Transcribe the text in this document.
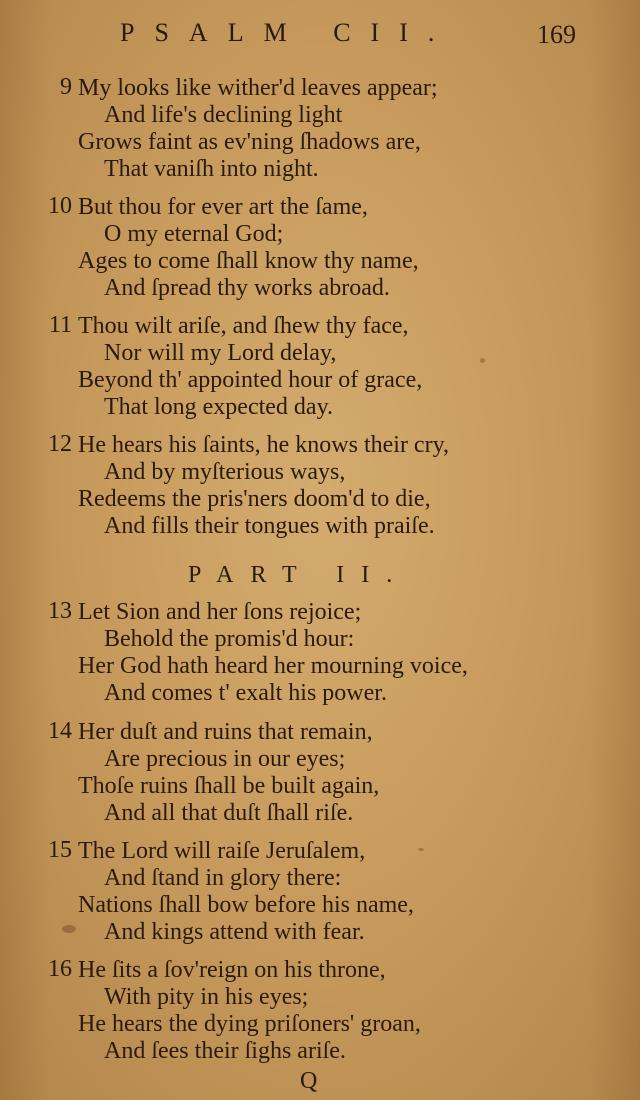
PSALM CII.	169
9 My looks like wither'd leaves appear;
And life's declining light
Grows faint as ev'ning ſhadows are,
That vaniſh into night.
10 But thou for ever art the ſame,
O my eternal God;
Ages to come ſhall know thy name,
And ſpread thy works abroad.
11 Thou wilt ariſe, and ſhew thy face,
Nor will my Lord delay,
Beyond th' appointed hour of grace,
That long expected day.
12 He hears his ſaints, he knows their cry,
And by myſterious ways,
Redeems the pris'ners doom'd to die,
And fills their tongues with praiſe.
PART II.
13 Let Sion and her ſons rejoice;
Behold the promis'd hour:
Her God hath heard her mourning voice,
And comes t' exalt his power.
14 Her duſt and ruins that remain,
Are precious in our eyes;
Thoſe ruins ſhall be built again,
And all that duſt ſhall riſe.
15 The Lord will raiſe Jeruſalem,
And ſtand in glory there:
Nations ſhall bow before his name,
And kings attend with fear.
16 He ſits a ſov'reign on his throne,
With pity in his eyes;
He hears the dying priſoners' groan,
And ſees their ſighs ariſe.
Q
